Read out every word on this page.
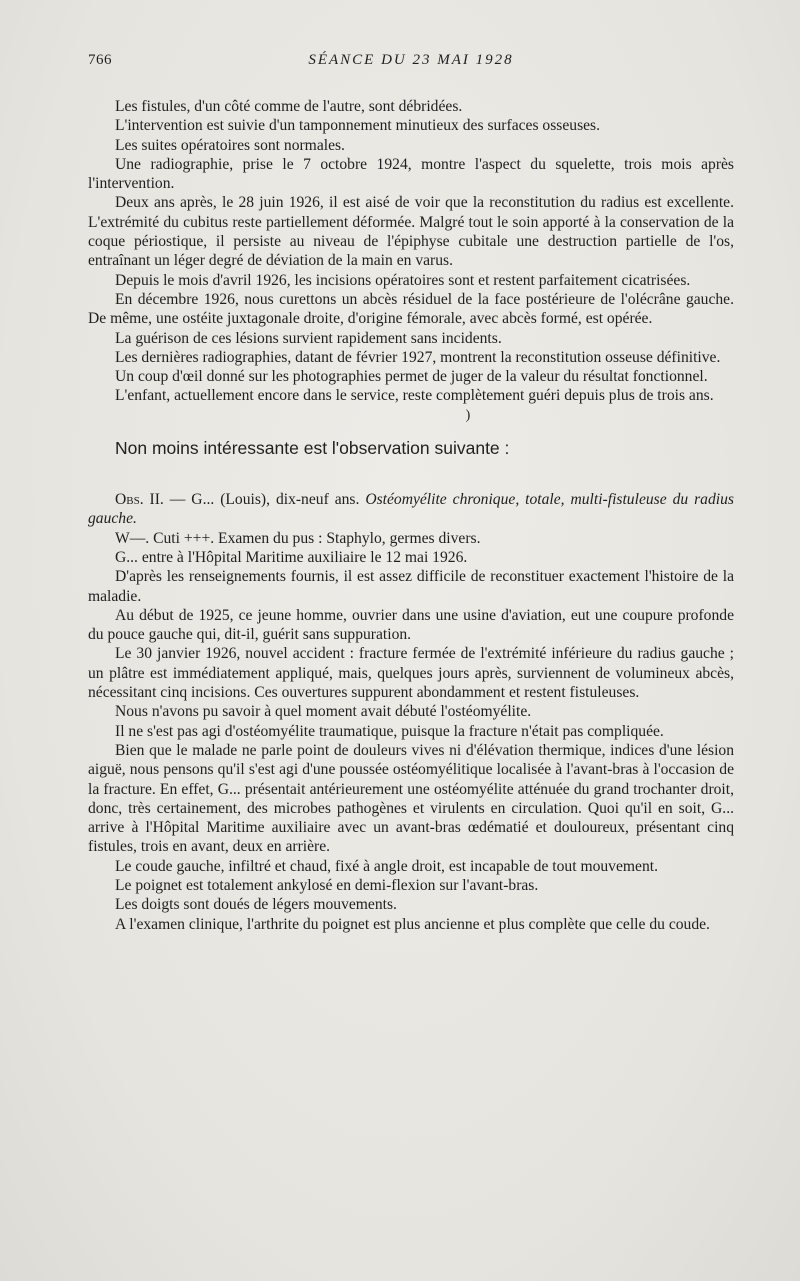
766	SÉANCE DU 23 MAI 1928

Les fistules, d'un côté comme de l'autre, sont débridées.

L'intervention est suivie d'un tamponnement minutieux des surfaces osseuses.

Les suites opératoires sont normales.

Une radiographie, prise le 7 octobre 1924, montre l'aspect du squelette, trois mois après l'intervention.

Deux ans après, le 28 juin 1926, il est aisé de voir que la reconstitution du radius est excellente. L'extrémité du cubitus reste partiellement déformée. Malgré tout le soin apporté à la conservation de la coque périostique, il persiste au niveau de l'épiphyse cubitale une destruction partielle de l'os, entraînant un léger degré de déviation de la main en varus.

Depuis le mois d'avril 1926, les incisions opératoires sont et restent parfaitement cicatrisées.

En décembre 1926, nous curettons un abcès résiduel de la face postérieure de l'olécrâne gauche. De même, une ostéite juxtagonale droite, d'origine fémorale, avec abcès formé, est opérée.

La guérison de ces lésions survient rapidement sans incidents.

Les dernières radiographies, datant de février 1927, montrent la reconstitution osseuse définitive.

Un coup d'œil donné sur les photographies permet de juger de la valeur du résultat fonctionnel.

L'enfant, actuellement encore dans le service, reste complètement guéri depuis plus de trois ans.

)

Non moins intéressante est l'observation suivante :

Obs. II. — G... (Louis), dix-neuf ans. Ostéomyélite chronique, totale, multi-fistuleuse du radius gauche.

W—. Cuti +++. Examen du pus : Staphylo, germes divers.

G... entre à l'Hôpital Maritime auxiliaire le 12 mai 1926.

D'après les renseignements fournis, il est assez difficile de reconstituer exactement l'histoire de la maladie.

Au début de 1925, ce jeune homme, ouvrier dans une usine d'aviation, eut une coupure profonde du pouce gauche qui, dit-il, guérit sans suppuration.

Le 30 janvier 1926, nouvel accident : fracture fermée de l'extrémité inférieure du radius gauche ; un plâtre est immédiatement appliqué, mais, quelques jours après, surviennent de volumineux abcès, nécessitant cinq incisions. Ces ouvertures suppurent abondamment et restent fistuleuses.

Nous n'avons pu savoir à quel moment avait débuté l'ostéomyélite.

Il ne s'est pas agi d'ostéomyélite traumatique, puisque la fracture n'était pas compliquée.

Bien que le malade ne parle point de douleurs vives ni d'élévation thermique, indices d'une lésion aiguë, nous pensons qu'il s'est agi d'une poussée ostéomyélitique localisée à l'avant-bras à l'occasion de la fracture. En effet, G... présentait antérieurement une ostéomyélite atténuée du grand trochanter droit, donc, très certainement, des microbes pathogènes et virulents en circulation. Quoi qu'il en soit, G... arrive à l'Hôpital Maritime auxiliaire avec un avant-bras œdématié et douloureux, présentant cinq fistules, trois en avant, deux en arrière.

Le coude gauche, infiltré et chaud, fixé à angle droit, est incapable de tout mouvement.

Le poignet est totalement ankylosé en demi-flexion sur l'avant-bras.

Les doigts sont doués de légers mouvements.

A l'examen clinique, l'arthrite du poignet est plus ancienne et plus complète que celle du coude.
